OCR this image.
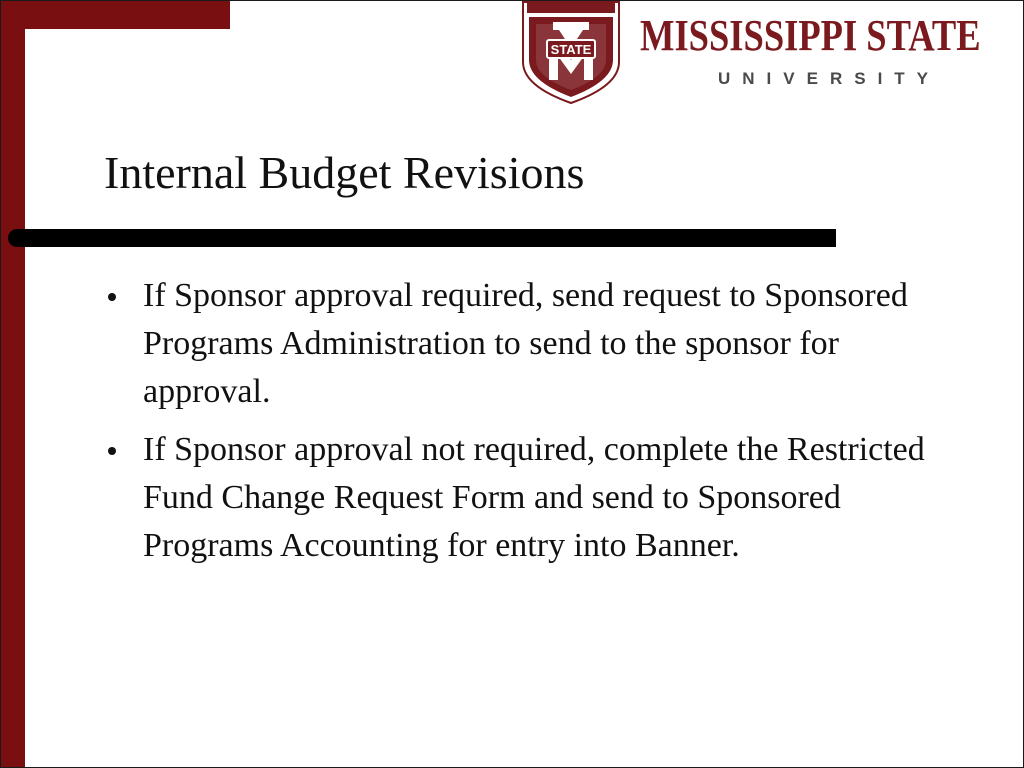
STATE MISSISSIPPI STATE
UNIVERSITY
Internal Budget Revisions
If Sponsor approval required, send request to Sponsored Programs Administration to send to the sponsor for approval.
If Sponsor approval not required, complete the Restricted Fund Change Request Form and send to Sponsored Programs Accounting for entry into Banner.
